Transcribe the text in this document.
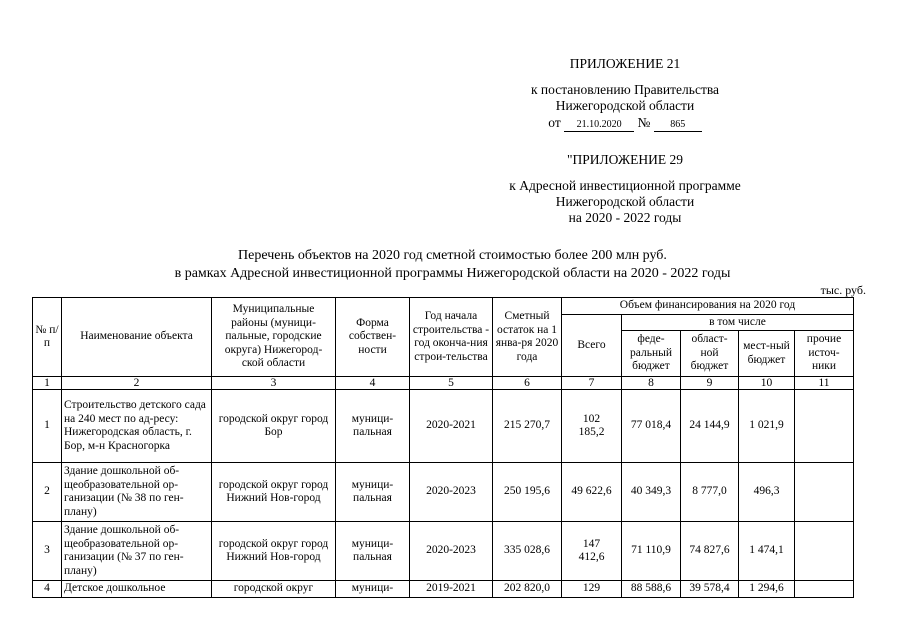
ПРИЛОЖЕНИЕ 21
к постановлению Правительства
Нижегородской области
от 21.10.2020 № 865
"ПРИЛОЖЕНИЕ 29
к Адресной инвестиционной программе
Нижегородской области
на 2020 - 2022 годы
Перечень объектов на 2020 год сметной стоимостью более 200 млн руб.
в рамках Адресной инвестиционной программы Нижегородской области на 2020 - 2022 годы
тыс. руб.
№ п/п	Наименование объекта	Муниципальные районы (муници-пальные, городские округа) Нижегород-ской области	Форма собствен-ности	Год начала строительства - год оконча-ния строи-тельства	Сметный остаток на 1 янва-ря 2020 года	Объем финансирования на 2020 год				
						Всего	в том числе			
							феде-ральный бюджет	област-ной бюджет	мест-ный бюджет	прочие источ-ники
1	2	3	4	5	6	7	8	9	10	11
1	Строительство детского сада на 240 мест по ад-ресу: Нижегородская область, г. Бор, м-н Красногорка	городской округ город Бор	муници-пальная	2020-2021	215 270,7	102 185,2	77 018,4	24 144,9	1 021,9	
2	Здание дошкольной об-щеобразовательной ор-ганизации (№ 38 по ген-плану)	городской округ город Нижний Нов-город	муници-пальная	2020-2023	250 195,6	49 622,6	40 349,3	8 777,0	496,3	
3	Здание дошкольной об-щеобразовательной ор-ганизации (№ 37 по ген-плану)	городской округ город Нижний Нов-город	муници-пальная	2020-2023	335 028,6	147 412,6	71 110,9	74 827,6	1 474,1	
4	Детское дошкольное	городской округ	муници-	2019-2021	202 820,0	129	88 588,6	39 578,4	1 294,6	
